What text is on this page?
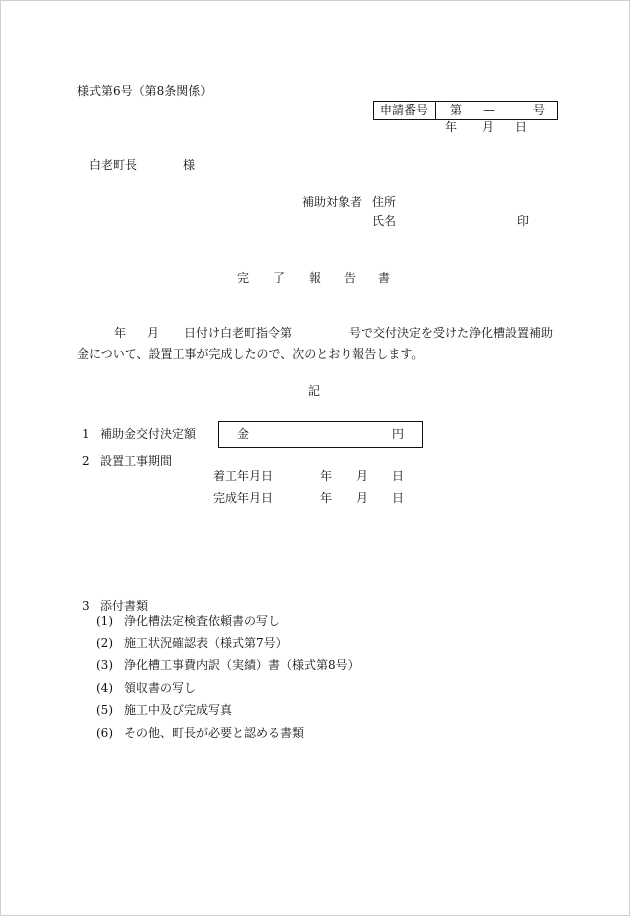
様式第6号（第8条関係）
申請番号 第 —	号
年 月 日
白老町長	様
補助対象者 住所
氏名	印
完 了 報 告 書
年 月 日付け白老町指令第	号で交付決定を受けた浄化槽設置補助
金について、設置工事が完成したので、次のとおり報告します。
記
1 補助金交付決定額	金	円
2 設置工事期間
着工年月日	年 月 日
完成年月日	年 月 日
3 添付書類
(1) 浄化槽法定検査依頼書の写し
(2) 施工状況確認表（様式第7号）
(3) 浄化槽工事費内訳（実績）書（様式第8号）
(4) 領収書の写し
(5) 施工中及び完成写真
(6) その他、町長が必要と認める書類
